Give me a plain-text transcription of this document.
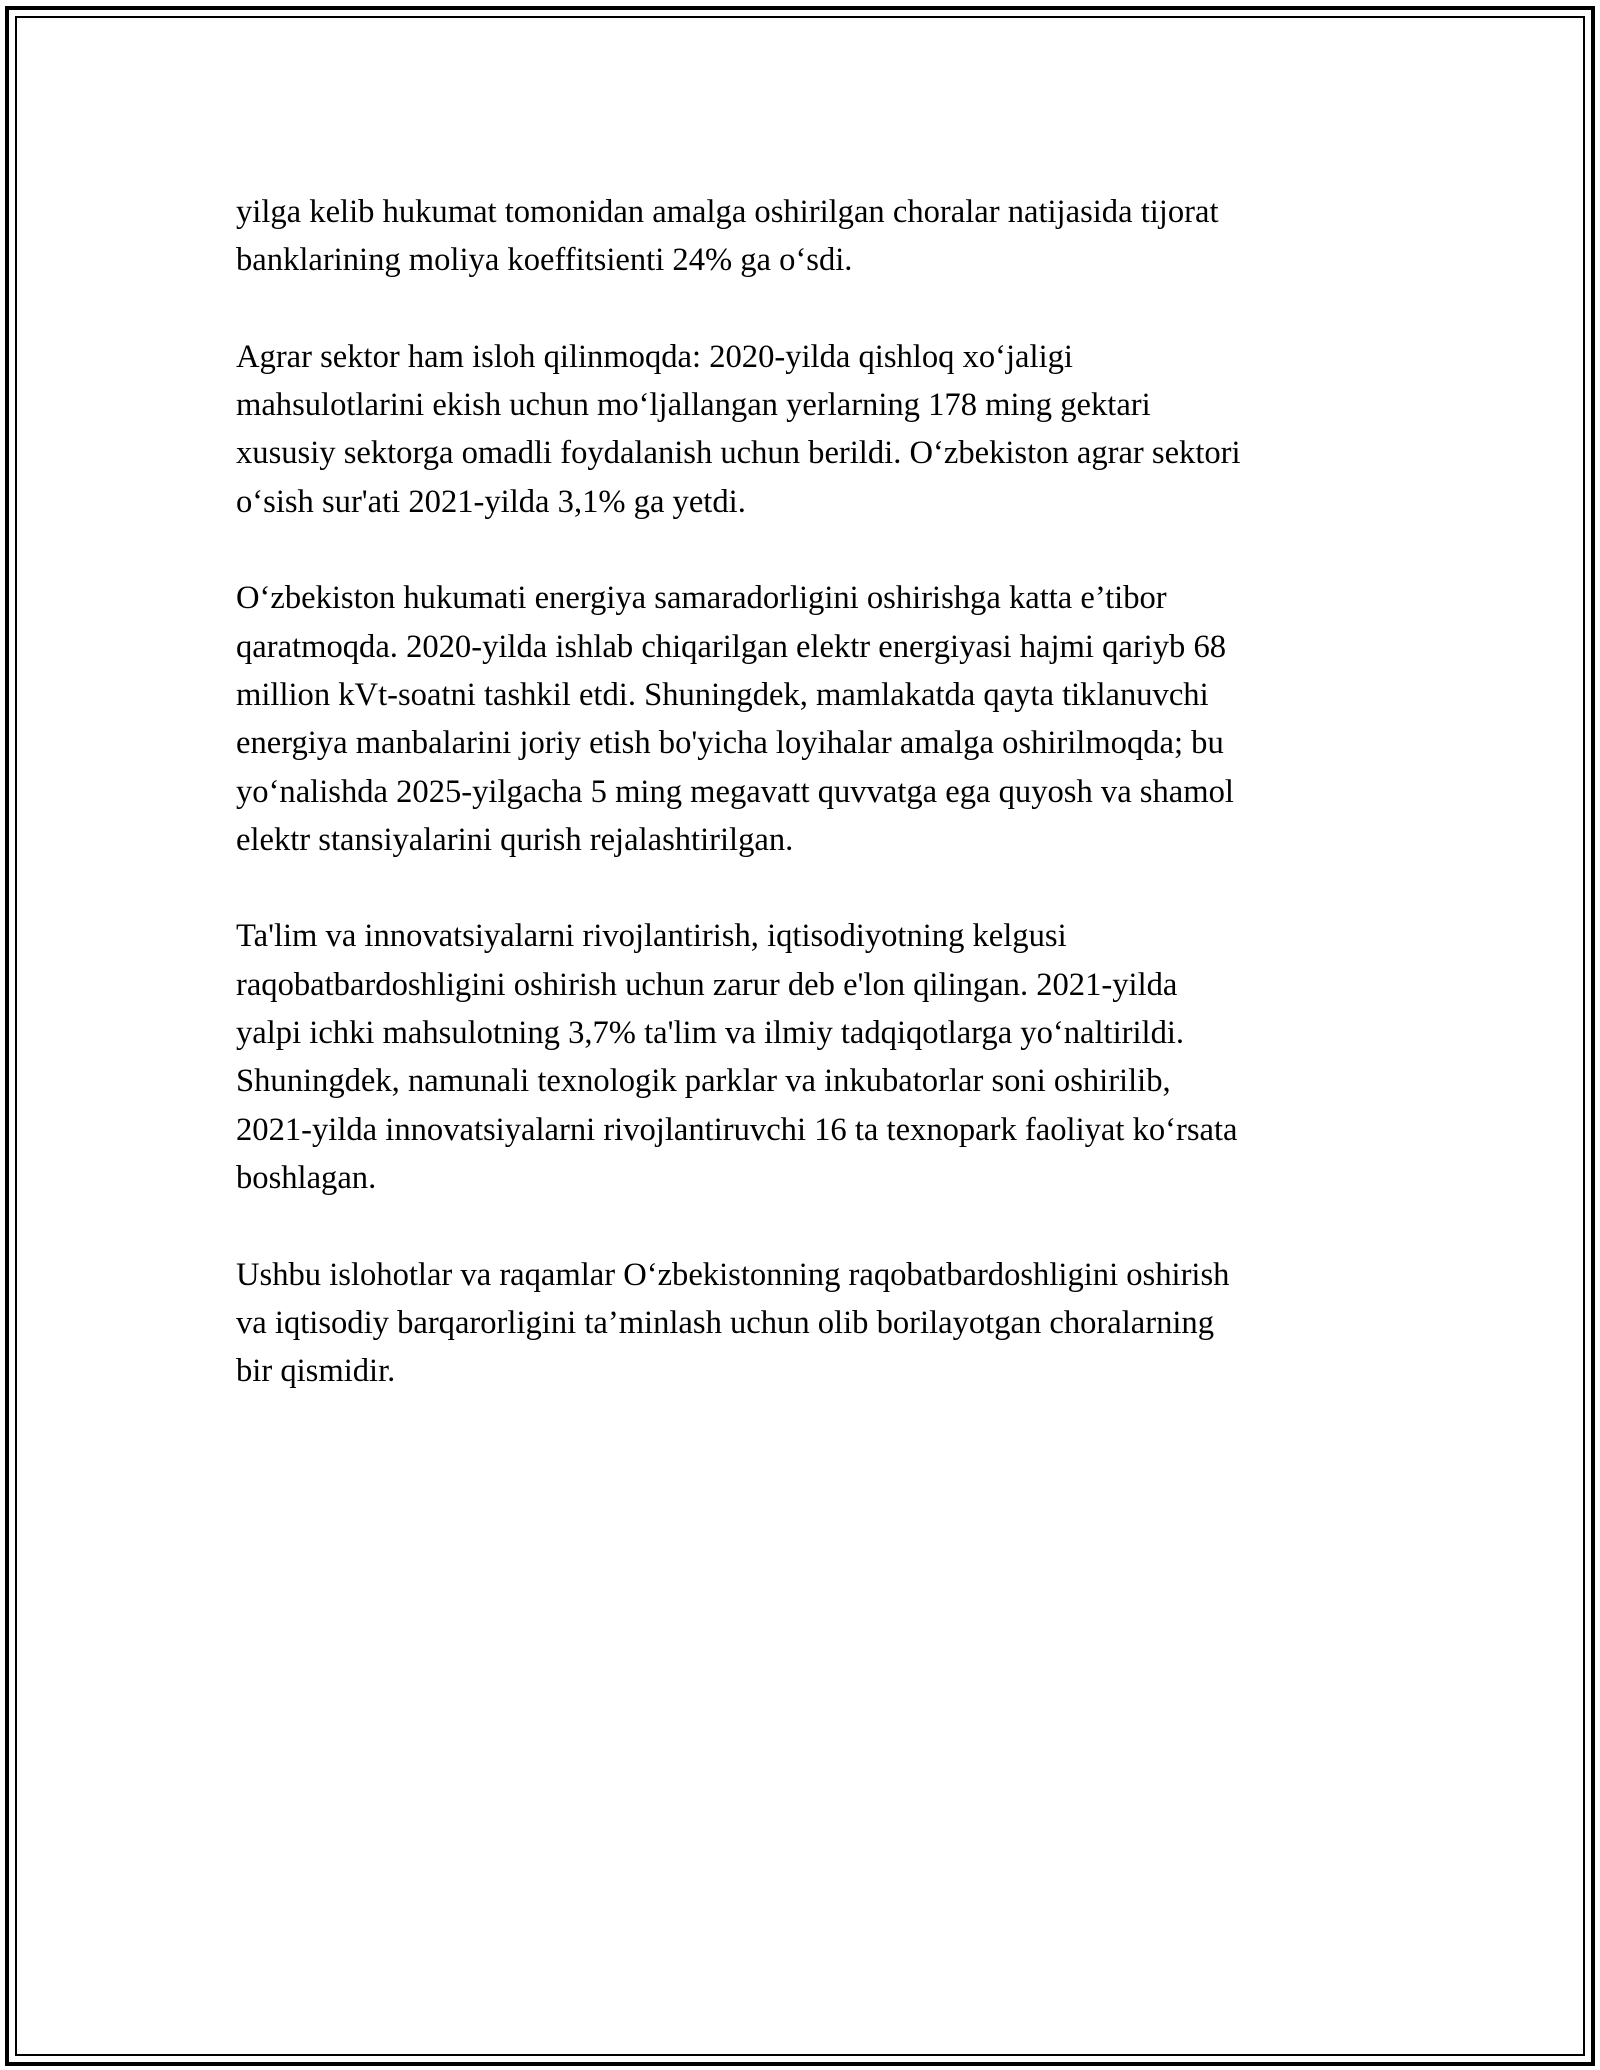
yilga kelib hukumat tomonidan amalga oshirilgan choralar natijasida tijorat
banklarining moliya koeffitsienti 24% ga o‘sdi.

Agrar sektor ham isloh qilinmoqda: 2020-yilda qishloq xo‘jaligi
mahsulotlarini ekish uchun mo‘ljallangan yerlarning 178 ming gektari
xususiy sektorga omadli foydalanish uchun berildi. O‘zbekiston agrar sektori
o‘sish sur'ati 2021-yilda 3,1% ga yetdi.

O‘zbekiston hukumati energiya samaradorligini oshirishga katta e’tibor
qaratmoqda. 2020-yilda ishlab chiqarilgan elektr energiyasi hajmi qariyb 68
million kVt-soatni tashkil etdi. Shuningdek, mamlakatda qayta tiklanuvchi
energiya manbalarini joriy etish bo'yicha loyihalar amalga oshirilmoqda; bu
yo‘nalishda 2025-yilgacha 5 ming megavatt quvvatga ega quyosh va shamol
elektr stansiyalarini qurish rejalashtirilgan.

Ta'lim va innovatsiyalarni rivojlantirish, iqtisodiyotning kelgusi
raqobatbardoshligini oshirish uchun zarur deb e'lon qilingan. 2021-yilda
yalpi ichki mahsulotning 3,7% ta'lim va ilmiy tadqiqotlarga yo‘naltirildi.
Shuningdek, namunali texnologik parklar va inkubatorlar soni oshirilib,
2021-yilda innovatsiyalarni rivojlantiruvchi 16 ta texnopark faoliyat ko‘rsata
boshlagan.

Ushbu islohotlar va raqamlar O‘zbekistonning raqobatbardoshligini oshirish
va iqtisodiy barqarorligini ta’minlash uchun olib borilayotgan choralarning
bir qismidir.
